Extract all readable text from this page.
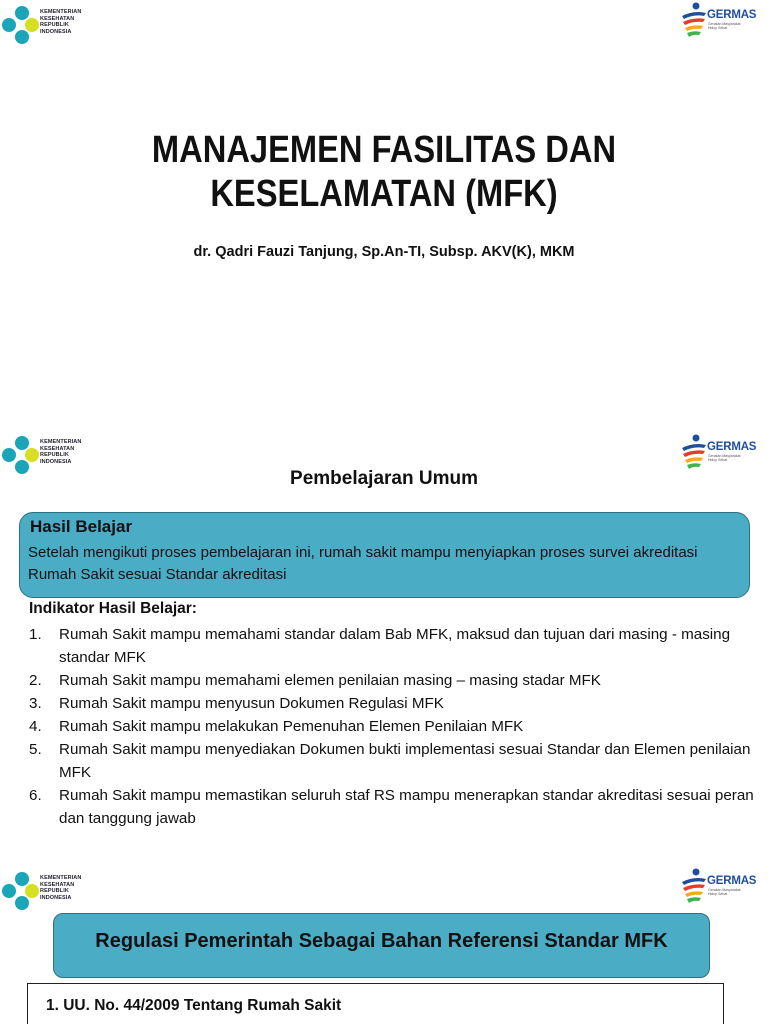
KEMENTERIAN
KESEHATAN
REPUBLIK
INDONESIA
GERMAS
Gerakan Masyarakat Hidup Sehat
MANAJEMEN FASILITAS DAN
KESELAMATAN (MFK)
dr. Qadri Fauzi Tanjung, Sp.An-TI, Subsp. AKV(K), MKM
KEMENTERIAN
KESEHATAN
REPUBLIK
INDONESIA
GERMAS
Gerakan Masyarakat Hidup Sehat
Pembelajaran Umum
Hasil Belajar
Setelah mengikuti proses pembelajaran ini, rumah sakit mampu menyiapkan proses survei akreditasi Rumah Sakit sesuai Standar akreditasi
Indikator Hasil Belajar:
1. Rumah Sakit mampu memahami standar dalam Bab MFK, maksud dan tujuan dari masing - masing standar MFK
2. Rumah Sakit mampu memahami elemen penilaian masing – masing stadar MFK
3. Rumah Sakit mampu menyusun Dokumen Regulasi MFK
4. Rumah Sakit mampu melakukan Pemenuhan Elemen Penilaian MFK
5. Rumah Sakit mampu menyediakan Dokumen bukti implementasi sesuai Standar dan Elemen penilaian MFK
6. Rumah Sakit mampu memastikan seluruh staf RS mampu menerapkan standar akreditasi sesuai peran dan tanggung jawab
KEMENTERIAN
KESEHATAN
REPUBLIK
INDONESIA
GERMAS
Gerakan Masyarakat Hidup Sehat
Regulasi Pemerintah Sebagai Bahan Referensi Standar MFK
1. UU. No. 44/2009 Tentang Rumah Sakit
